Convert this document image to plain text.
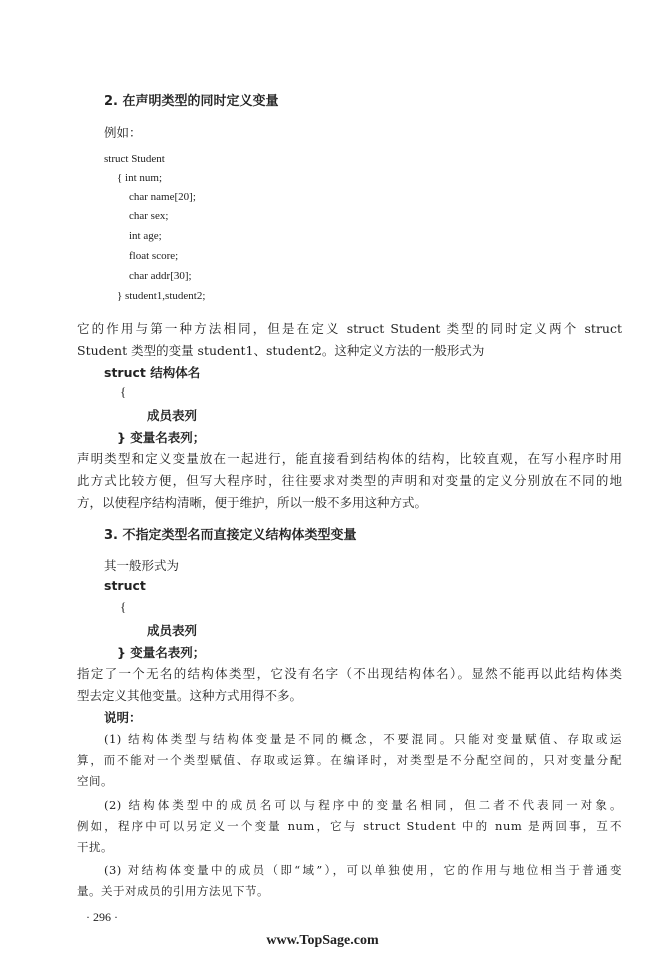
2. 在声明类型的同时定义变量
例如：
struct Student
{ int num;
char name[20];
char sex;
int age;
float score;
char addr[30];
} student1,student2;
它的作用与第一种方法相同，但是在定义 struct Student 类型的同时定义两个 struct
Student 类型的变量 student1、student2。这种定义方法的一般形式为
struct 结构体名
{
成员表列
} 变量名表列；
声明类型和定义变量放在一起进行，能直接看到结构体的结构，比较直观，在写小程序时用
此方式比较方便，但写大程序时，往往要求对类型的声明和对变量的定义分别放在不同的地
方，以使程序结构清晰，便于维护，所以一般不多用这种方式。
3. 不指定类型名而直接定义结构体类型变量
其一般形式为
struct
{
成员表列
} 变量名表列；
指定了一个无名的结构体类型，它没有名字（不出现结构体名）。显然不能再以此结构体类
型去定义其他变量。这种方式用得不多。
说明：
(1) 结构体类型与结构体变量是不同的概念，不要混同。只能对变量赋值、存取或运
算，而不能对一个类型赋值、存取或运算。在编译时，对类型是不分配空间的，只对变量分配
空间。
(2) 结构体类型中的成员名可以与程序中的变量名相同，但二者不代表同一对象。
例如，程序中可以另定义一个变量 num，它与 struct Student 中的 num 是两回事，互不
干扰。
(3) 对结构体变量中的成员（即“域”），可以单独使用，它的作用与地位相当于普通变
量。关于对成员的引用方法见下节。
· 296 ·
www.TopSage.com
